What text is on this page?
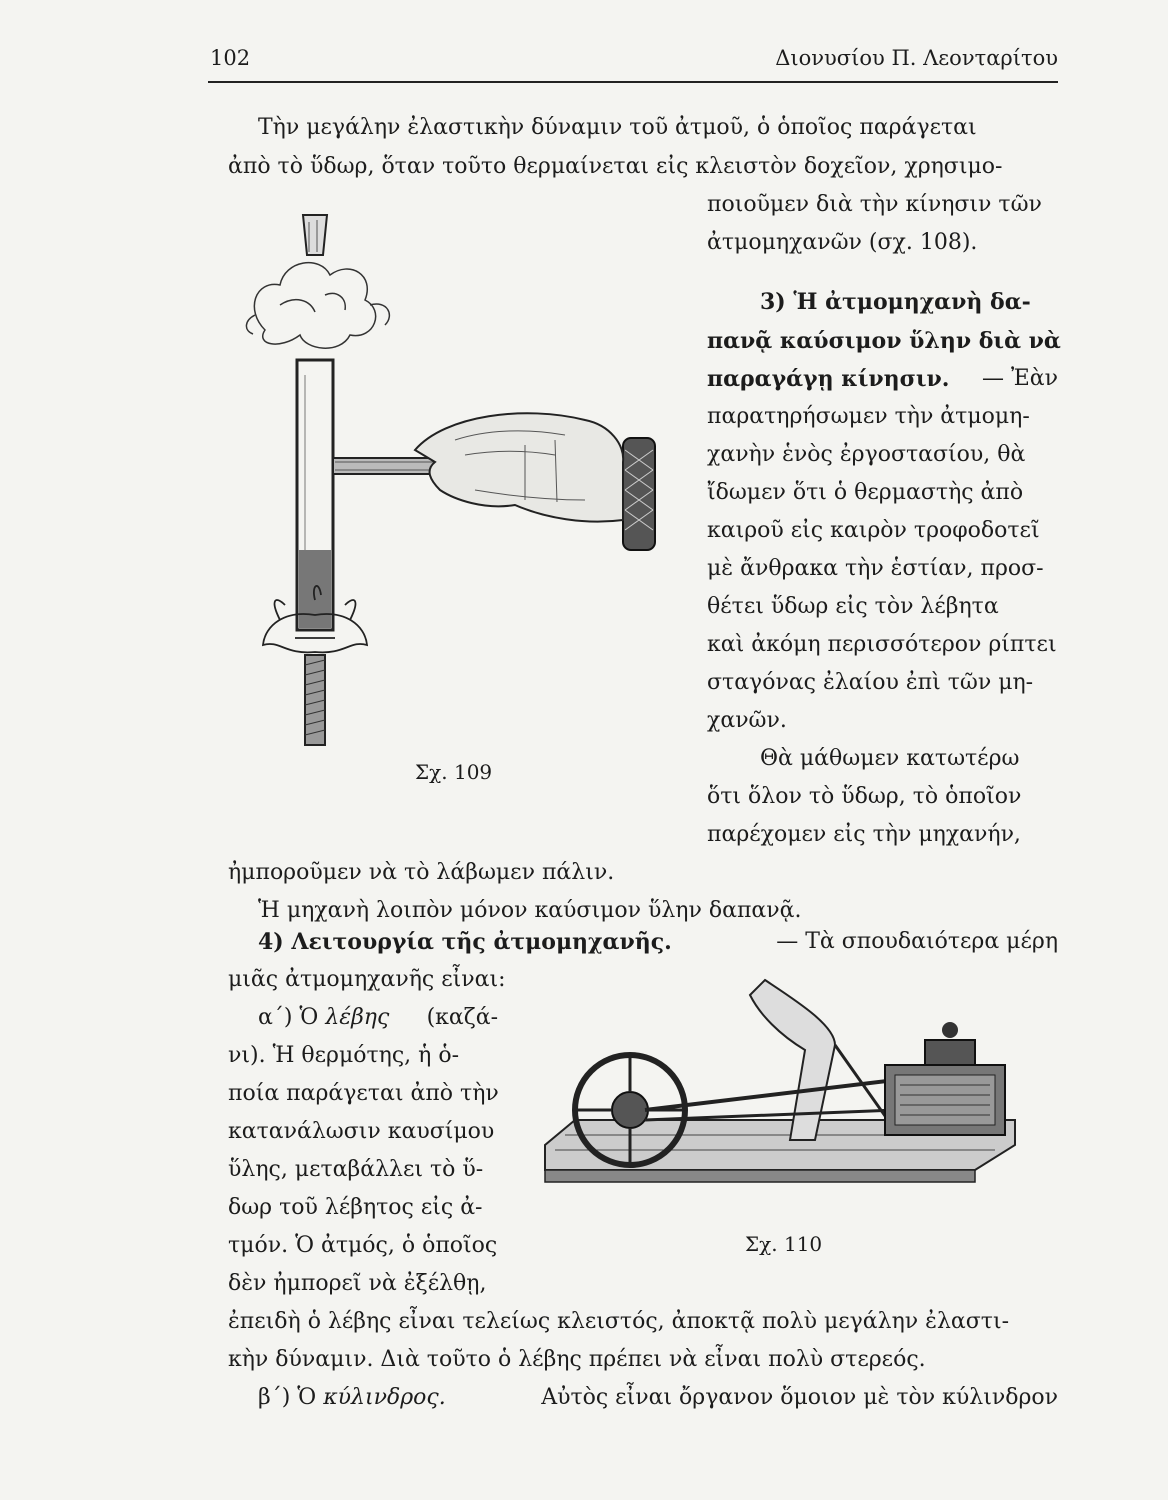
102	Διονυσίου Π. Λεονταρίτου
Τὴν μεγάλην ἐλαστικὴν δύναμιν τοῦ ἀτμοῦ, ὁ ὁποῖος παράγεται
ἀπὸ τὸ ὕδωρ, ὅταν τοῦτο θερμαίνεται εἰς κλειστὸν δοχεῖον, χρησιμο-
ποιοῦμεν διὰ τὴν κίνησιν τῶν
ἀτμομηχανῶν (σχ. 108).
3) Ἡ ἀτμομηχανὴ δα-
πανᾷ καύσιμον ὕλην διὰ νὰ
παραγάγῃ κίνησιν. — Ἐὰν
παρατηρήσωμεν τὴν ἀτμομη-
χανὴν ἑνὸς ἐργοστασίου, θὰ
ἴδωμεν ὅτι ὁ θερμαστὴς ἀπὸ
καιροῦ εἰς καιρὸν τροφοδοτεῖ
μὲ ἄνθρακα τὴν ἑστίαν, προσ-
θέτει ὕδωρ εἰς τὸν λέβητα
καὶ ἀκόμη περισσότερον ρίπτει
σταγόνας ἐλαίου ἐπὶ τῶν μη-
χανῶν.
Θὰ μάθωμεν κατωτέρω
ὅτι ὅλον τὸ ὕδωρ, τὸ ὁποῖον
παρέχομεν εἰς τὴν μηχανήν,
ἠμποροῦμεν νὰ τὸ λάβωμεν πάλιν.
Ἡ μηχανὴ λοιπὸν μόνον καύσιμον ὕλην δαπανᾷ.
Σχ. 109
4) Λειτουργία τῆς ἀτμομηχανῆς.	— Τὰ σπουδαιότερα μέρη
μιᾶς ἀτμομηχανῆς εἶναι:
α΄) Ὁ λέβης (καζά-
νι). Ἡ θερμότης, ἡ ὁ-
ποία παράγεται ἀπὸ τὴν
κατανάλωσιν καυσίμου
ὕλης, μεταβάλλει τὸ ὕ-
δωρ τοῦ λέβητος εἰς ἀ-
τμόν. Ὁ ἀτμός, ὁ ὁποῖος
δὲν ἠμπορεῖ νὰ ἐξέλθῃ,
ἐπειδὴ ὁ λέβης εἶναι τελείως κλειστός, ἀποκτᾷ πολὺ μεγάλην ἐλαστι-
κὴν δύναμιν. Διὰ τοῦτο ὁ λέβης πρέπει νὰ εἶναι πολὺ στερεός.
β΄) Ὁ κύλινδρος.	Αὐτὸς εἶναι ὄργανον ὅμοιον μὲ τὸν κύλινδρον
Σχ. 110
